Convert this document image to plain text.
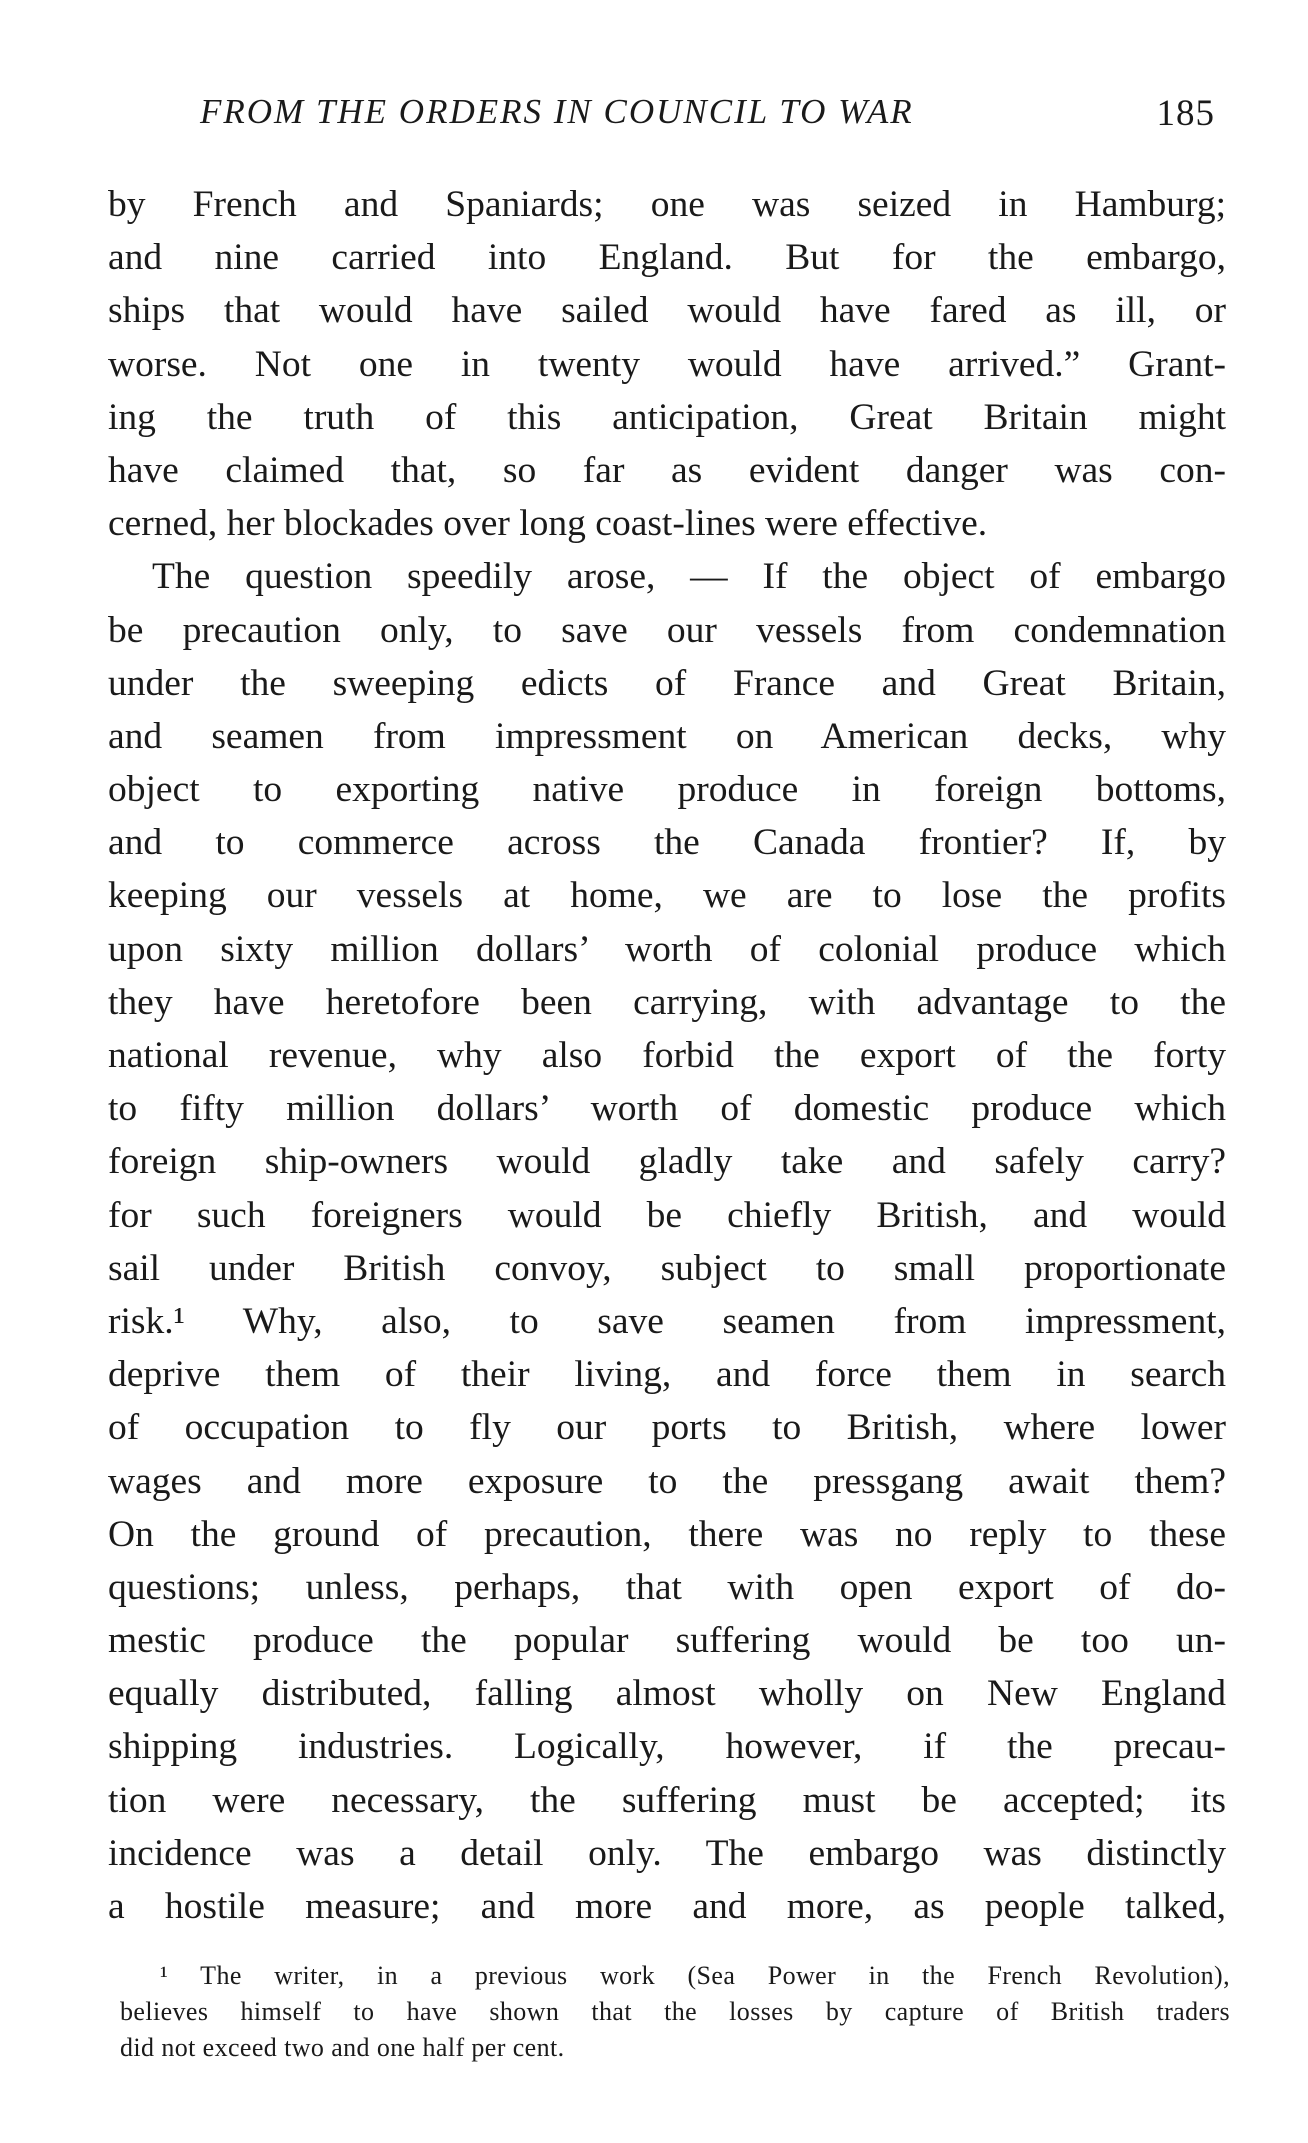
FROM THE ORDERS IN COUNCIL TO WAR	185
by French and Spaniards; one was seized in Hamburg;
and nine carried into England. But for the embargo,
ships that would have sailed would have fared as ill, or
worse. Not one in twenty would have arrived.” Grant-
ing the truth of this anticipation, Great Britain might
have claimed that, so far as evident danger was con-
cerned, her blockades over long coast-lines were effective.
The question speedily arose, — If the object of embargo
be precaution only, to save our vessels from condemnation
under the sweeping edicts of France and Great Britain,
and seamen from impressment on American decks, why
object to exporting native produce in foreign bottoms,
and to commerce across the Canada frontier? If, by
keeping our vessels at home, we are to lose the profits
upon sixty million dollars’ worth of colonial produce which
they have heretofore been carrying, with advantage to the
national revenue, why also forbid the export of the forty
to fifty million dollars’ worth of domestic produce which
foreign ship-owners would gladly take and safely carry?
for such foreigners would be chiefly British, and would
sail under British convoy, subject to small proportionate
risk.¹ Why, also, to save seamen from impressment,
deprive them of their living, and force them in search
of occupation to fly our ports to British, where lower
wages and more exposure to the pressgang await them?
On the ground of precaution, there was no reply to these
questions; unless, perhaps, that with open export of do-
mestic produce the popular suffering would be too un-
equally distributed, falling almost wholly on New England
shipping industries. Logically, however, if the precau-
tion were necessary, the suffering must be accepted; its
incidence was a detail only. The embargo was distinctly
a hostile measure; and more and more, as people talked,
¹ The writer, in a previous work (Sea Power in the French Revolution),
believes himself to have shown that the losses by capture of British traders
did not exceed two and one half per cent.
